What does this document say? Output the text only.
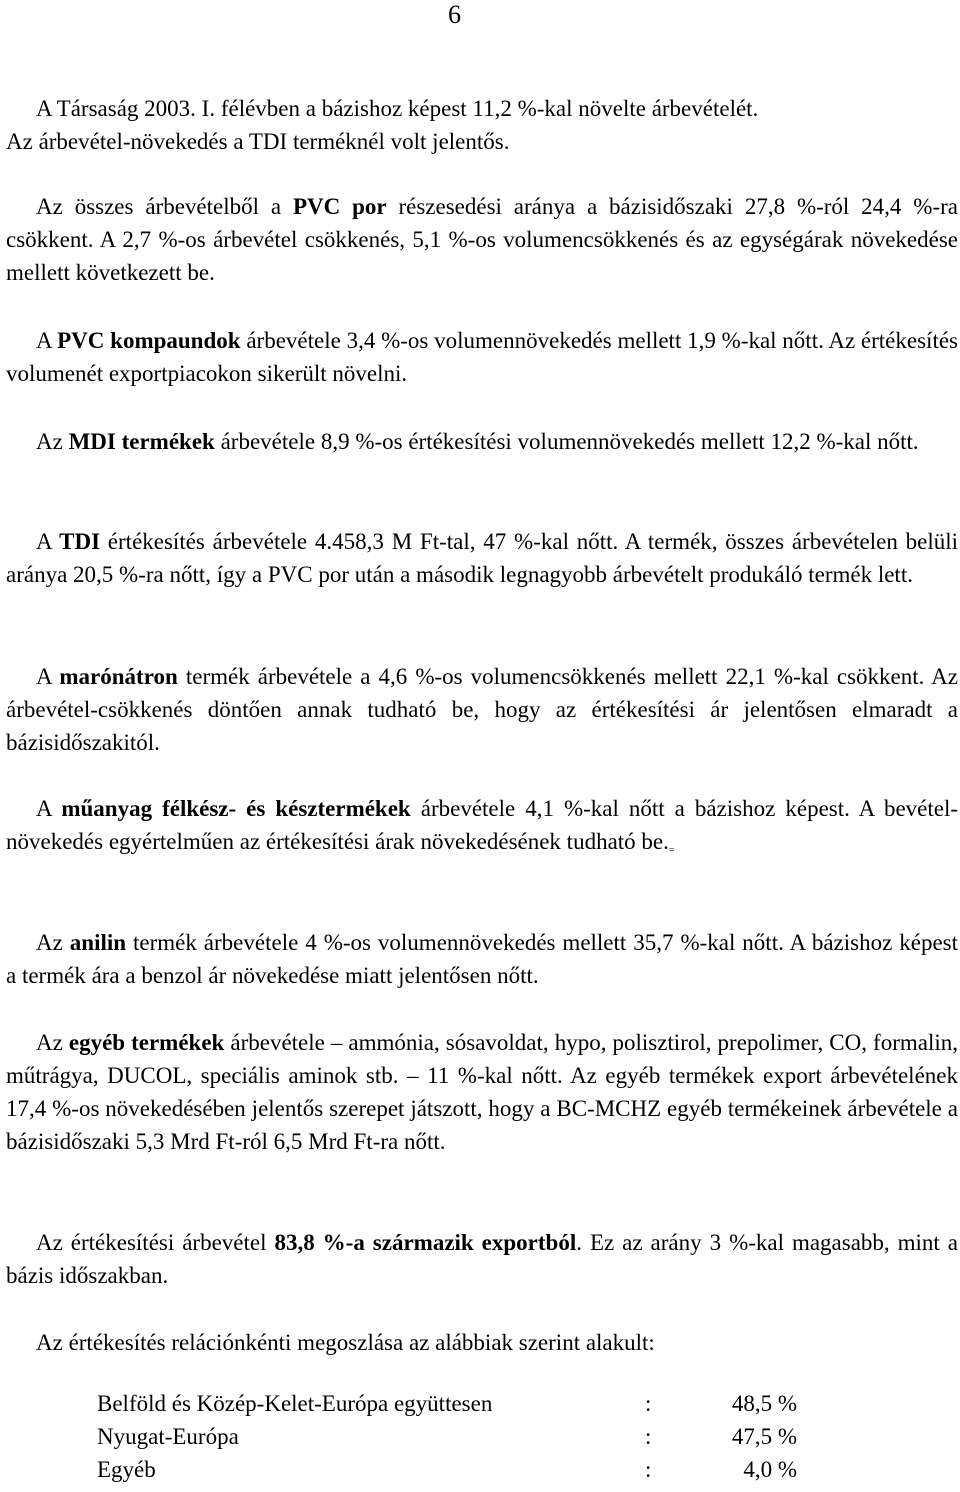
6

A Társaság 2003. I. félévben a bázishoz képest 11,2 %-kal növelte árbevételét.
Az árbevétel-növekedés a TDI terméknél volt jelentős.

Az összes árbevételből a PVC por részesedési aránya a bázisidőszaki 27,8 %-ról 24,4 %-ra csökkent. A 2,7 %-os árbevétel csökkenés, 5,1 %-os volumencsökkenés és az egységárak növekedése mellett következett be.

A PVC kompaundok árbevétele 3,4 %-os volumennövekedés mellett 1,9 %-kal nőtt. Az értékesítés volumenét exportpiacokon sikerült növelni.

Az MDI termékek árbevétele 8,9 %-os értékesítési volumennövekedés mellett 12,2 %-kal nőtt.

A TDI értékesítés árbevétele 4.458,3 M Ft-tal, 47 %-kal nőtt. A termék, összes árbevételen belüli aránya 20,5 %-ra nőtt, így a PVC por után a második legnagyobb árbevételt produkáló termék lett.

A marónátron termék árbevétele a 4,6 %-os volumencsökkenés mellett 22,1 %-kal csökkent. Az árbevétel-csökkenés döntően annak tudható be, hogy az értékesítési ár jelentősen elmaradt a bázisidőszakitól.

A műanyag félkész- és késztermékek árbevétele 4,1 %-kal nőtt a bázishoz képest. A bevétel-növekedés egyértelműen az értékesítési árak növekedésének tudható be.=

Az anilin termék árbevétele 4 %-os volumennövekedés mellett 35,7 %-kal nőtt. A bázishoz képest a termék ára a benzol ár növekedése miatt jelentősen nőtt.

Az egyéb termékek árbevétele – ammónia, sósavoldat, hypo, polisztirol, prepolimer, CO, formalin, műtrágya, DUCOL, speciális aminok stb. – 11 %-kal nőtt. Az egyéb termékek export árbevételének 17,4 %-os növekedésében jelentős szerepet játszott, hogy a BC-MCHZ egyéb termékeinek árbevétele a bázisidőszaki 5,3 Mrd Ft-ról 6,5 Mrd Ft-ra nőtt.

Az értékesítési árbevétel 83,8 %-a származik exportból. Ez az arány 3 %-kal magasabb, mint a bázis időszakban.

Az értékesítés relációnkénti megoszlása az alábbiak szerint alakult:

Belföld és Közép-Kelet-Európa együttesen	:	48,5 %
Nyugat-Európa	:	47,5 %
Egyéb	:	4,0 %
